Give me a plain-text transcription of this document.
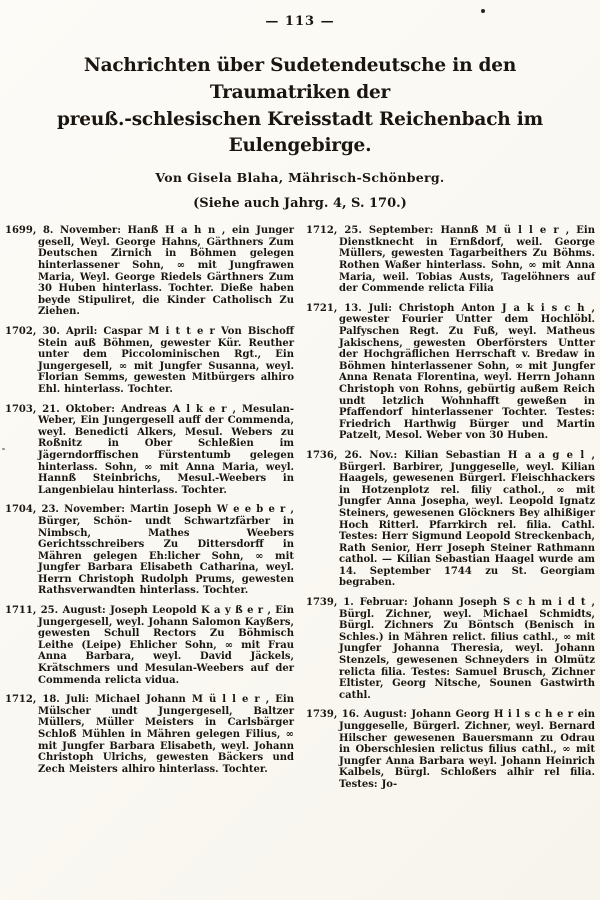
— 113 —
Nachrichten über Sudetendeutsche in den Traumatriken der
preuß.-schlesischen Kreisstadt Reichenbach im Eulengebirge.
Von Gisela Blaha, Mährisch-Schönberg.
(Siehe auch Jahrg. 4, S. 170.)

1699, 8. November: Hanß H a h n , ein Junger gesell, Weyl. George Hahns, Gärthners Zum Deutschen Zirnich in Böhmen gelegen hinterlassener Sohn, ∞ mit Jungfrawen Maria, Weyl. George Riedels Gärthners Zum 30 Huben hinterlass. Tochter. Dieße haben beyde Stipuliret, die Kinder Catholisch Zu Ziehen.

1702, 30. April: Caspar M i t t e r Von Bischoff Stein auß Böhmen, gewester Kür. Reuther unter dem Piccolominischen Rgt., Ein Jungergesell, ∞ mit Jungfer Susanna, weyl. Florian Semms, gewesten Mitbürgers alhiro Ehl. hinterlass. Tochter.

1703, 21. Oktober: Andreas A l k e r , Mesulan-Weber, Ein Jungergesell auff der Commenda, weyl. Benedicti Alkers, Mesul. Webers zu Roßnitz in Ober Schleßien im Jägerndorffischen Fürstentumb gelegen hinterlass. Sohn, ∞ mit Anna Maria, weyl. Hannß Steinbrichs, Mesul.-Weebers in Langenbielau hinterlass. Tochter.

1704, 23. November: Martin Joseph W e e b e r , Bürger, Schön- undt Schwartzfärber in Nimbsch, Mathes Weebers Gerichtsschreibers Zu Dittersdorff in Mähren gelegen Eh:licher Sohn, ∞ mit Jungfer Barbara Elisabeth Catharina, weyl. Herrn Christoph Rudolph Prums, gewesten Rathsverwandten hinterlass. Tochter.

1711, 25. August: Joseph Leopold K a y ß e r , Ein Jungergesell, weyl. Johann Salomon Kayßers, gewesten Schull Rectors Zu Böhmisch Leithe (Leipe) Ehlicher Sohn, ∞ mit Frau Anna Barbara, weyl. David Jäckels, Krätschmers und Mesulan-Weebers auf der Commenda relicta vidua.

1712, 18. Juli: Michael Johann M ü l l e r , Ein Mülscher undt Jungergesell, Baltzer Müllers, Müller Meisters in Carlsbärger Schloß Mühlen in Mähren gelegen Filius, ∞ mit Jungfer Barbara Elisabeth, weyl. Johann Christoph Ulrichs, gewesten Bäckers und Zech Meisters alhiro hinterlass. Tochter.

1712, 25. September: Hannß M ü l l e r , Ein Dienstknecht in Ernßdorf, weil. George Müllers, gewesten Tagarbeithers Zu Böhms. Rothen Waßer hinterlass. Sohn, ∞ mit Anna Maria, weil. Tobias Austs, Tagelöhners auf der Commende relicta Filia

1721, 13. Juli: Christoph Anton J a k i s c h , gewester Fourier Untter dem Hochlöbl. Palfyschen Regt. Zu Fuß, weyl. Matheus Jakischens, gewesten Oberförsters Untter der Hochgräflichen Herrschaft v. Bredaw in Böhmen hinterlassener Sohn, ∞ mit Jungfer Anna Renata Florentina, weyl. Herrn Johann Christoph von Rohns, gebürtig außem Reich undt letzlich Wohnhafft geweßen in Pfaffendorf hinterlassener Tochter. Testes: Friedrich Harthwig Bürger und Martin Patzelt, Mesol. Weber von 30 Huben.

1736, 26. Nov.: Kilian Sebastian H a a g e l , Bürgerl. Barbirer, Junggeselle, weyl. Kilian Haagels, gewesenen Bürgerl. Fleischhackers in Hotzenplotz rel. filiy cathol., ∞ mit Jungfer Anna Josepha, weyl. Leopold Ignatz Steiners, gewesenen Glöckners Bey alhißiger Hoch Ritterl. Pfarrkirch rel. filia. Cathl. Testes: Herr Sigmund Leopold Streckenbach, Rath Senior, Herr Joseph Steiner Rathmann cathol. — Kilian Sebastian Haagel wurde am 14. September 1744 zu St. Georgiam begraben.

1739, 1. Februar: Johann Joseph S c h m i d t , Bürgl. Zichner, weyl. Michael Schmidts, Bürgl. Zichners Zu Böntsch (Benisch in Schles.) in Mähren relict. filius cathl., ∞ mit Jungfer Johanna Theresia, weyl. Johann Stenzels, gewesenen Schneyders in Olmütz relicta filia. Testes: Samuel Brusch, Zichner Eltister, Georg Nitsche, Sounen Gastwirth cathl.

1739, 16. August: Johann Georg H i l s c h e r ein Junggeselle, Bürgerl. Zichner, weyl. Bernard Hilscher gewesenen Bauersmann zu Odrau in Oberschlesien relictus filius cathl., ∞ mit Jungfer Anna Barbara weyl. Johann Heinrich Kalbels, Bürgl. Schloßers alhir rel filia. Testes: Jo-
